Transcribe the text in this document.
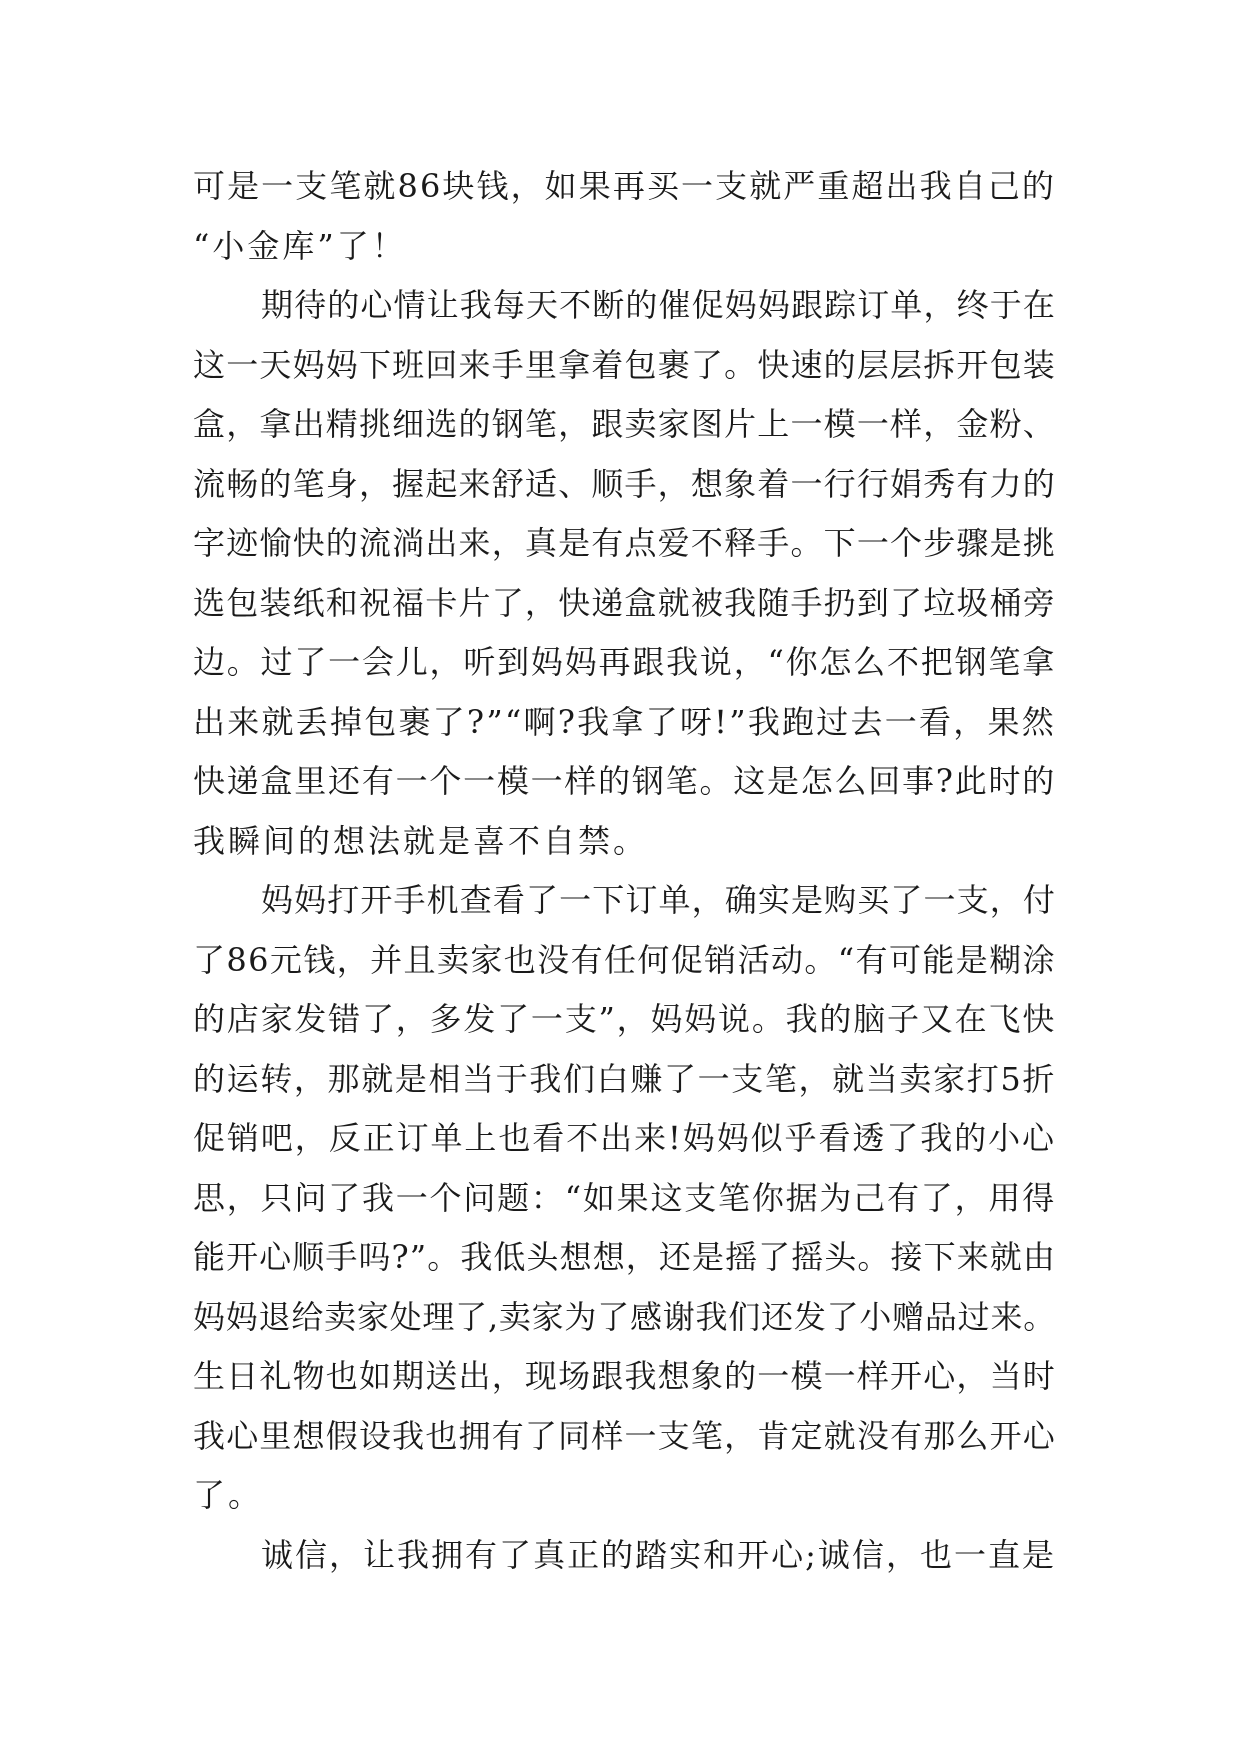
可是一支笔就86块钱，如果再买一支就严重超出我自己的
“小金库”了！
期待的心情让我每天不断的催促妈妈跟踪订单，终于在
这一天妈妈下班回来手里拿着包裹了。快速的层层拆开包装
盒，拿出精挑细选的钢笔，跟卖家图片上一模一样，金粉、
流畅的笔身，握起来舒适、顺手，想象着一行行娟秀有力的
字迹愉快的流淌出来，真是有点爱不释手。下一个步骤是挑
选包装纸和祝福卡片了，快递盒就被我随手扔到了垃圾桶旁
边。过了一会儿，听到妈妈再跟我说，“你怎么不把钢笔拿
出来就丢掉包裹了?”“啊?我拿了呀!”我跑过去一看，果然
快递盒里还有一个一模一样的钢笔。这是怎么回事?此时的
我瞬间的想法就是喜不自禁。
妈妈打开手机查看了一下订单，确实是购买了一支，付
了86元钱，并且卖家也没有任何促销活动。“有可能是糊涂
的店家发错了，多发了一支”，妈妈说。我的脑子又在飞快
的运转，那就是相当于我们白赚了一支笔，就当卖家打5折
促销吧，反正订单上也看不出来!妈妈似乎看透了我的小心
思，只问了我一个问题：“如果这支笔你据为己有了，用得
能开心顺手吗?”。我低头想想，还是摇了摇头。接下来就由
妈妈退给卖家处理了,卖家为了感谢我们还发了小赠品过来。
生日礼物也如期送出，现场跟我想象的一模一样开心，当时
我心里想假设我也拥有了同样一支笔，肯定就没有那么开心
了。
诚信，让我拥有了真正的踏实和开心;诚信，也一直是
